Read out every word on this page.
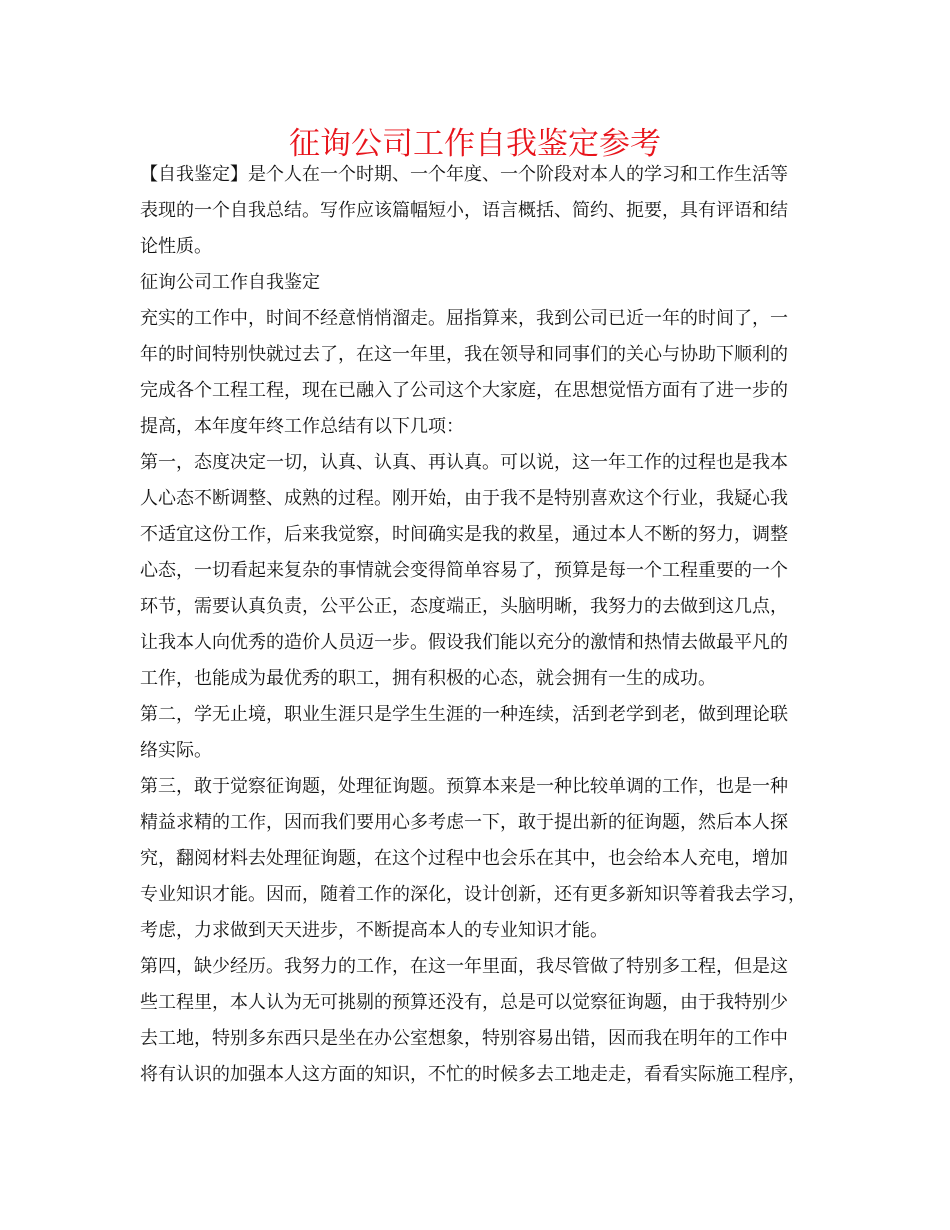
征询公司工作自我鉴定参考
【自我鉴定】是个人在一个时期、一个年度、一个阶段对本人的学习和工作生活等
表现的一个自我总结。写作应该篇幅短小，语言概括、简约、扼要，具有评语和结
论性质。
征询公司工作自我鉴定
充实的工作中，时间不经意悄悄溜走。屈指算来，我到公司已近一年的时间了，一
年的时间特别快就过去了，在这一年里，我在领导和同事们的关心与协助下顺利的
完成各个工程工程，现在已融入了公司这个大家庭，在思想觉悟方面有了进一步的
提高，本年度年终工作总结有以下几项：
第一，态度决定一切，认真、认真、再认真。可以说，这一年工作的过程也是我本
人心态不断调整、成熟的过程。刚开始，由于我不是特别喜欢这个行业，我疑心我
不适宜这份工作，后来我觉察，时间确实是我的救星，通过本人不断的努力，调整
心态，一切看起来复杂的事情就会变得简单容易了，预算是每一个工程重要的一个
环节，需要认真负责，公平公正，态度端正，头脑明晰，我努力的去做到这几点，
让我本人向优秀的造价人员迈一步。假设我们能以充分的激情和热情去做最平凡的
工作，也能成为最优秀的职工，拥有积极的心态，就会拥有一生的成功。
第二，学无止境，职业生涯只是学生生涯的一种连续，活到老学到老，做到理论联
络实际。
第三，敢于觉察征询题，处理征询题。预算本来是一种比较单调的工作，也是一种
精益求精的工作，因而我们要用心多考虑一下，敢于提出新的征询题，然后本人探
究，翻阅材料去处理征询题，在这个过程中也会乐在其中，也会给本人充电，增加
专业知识才能。因而，随着工作的深化，设计创新，还有更多新知识等着我去学习，
考虑，力求做到天天进步，不断提高本人的专业知识才能。
第四，缺少经历。我努力的工作，在这一年里面，我尽管做了特别多工程，但是这
些工程里，本人认为无可挑剔的预算还没有，总是可以觉察征询题，由于我特别少
去工地，特别多东西只是坐在办公室想象，特别容易出错，因而我在明年的工作中
将有认识的加强本人这方面的知识，不忙的时候多去工地走走，看看实际施工程序，
